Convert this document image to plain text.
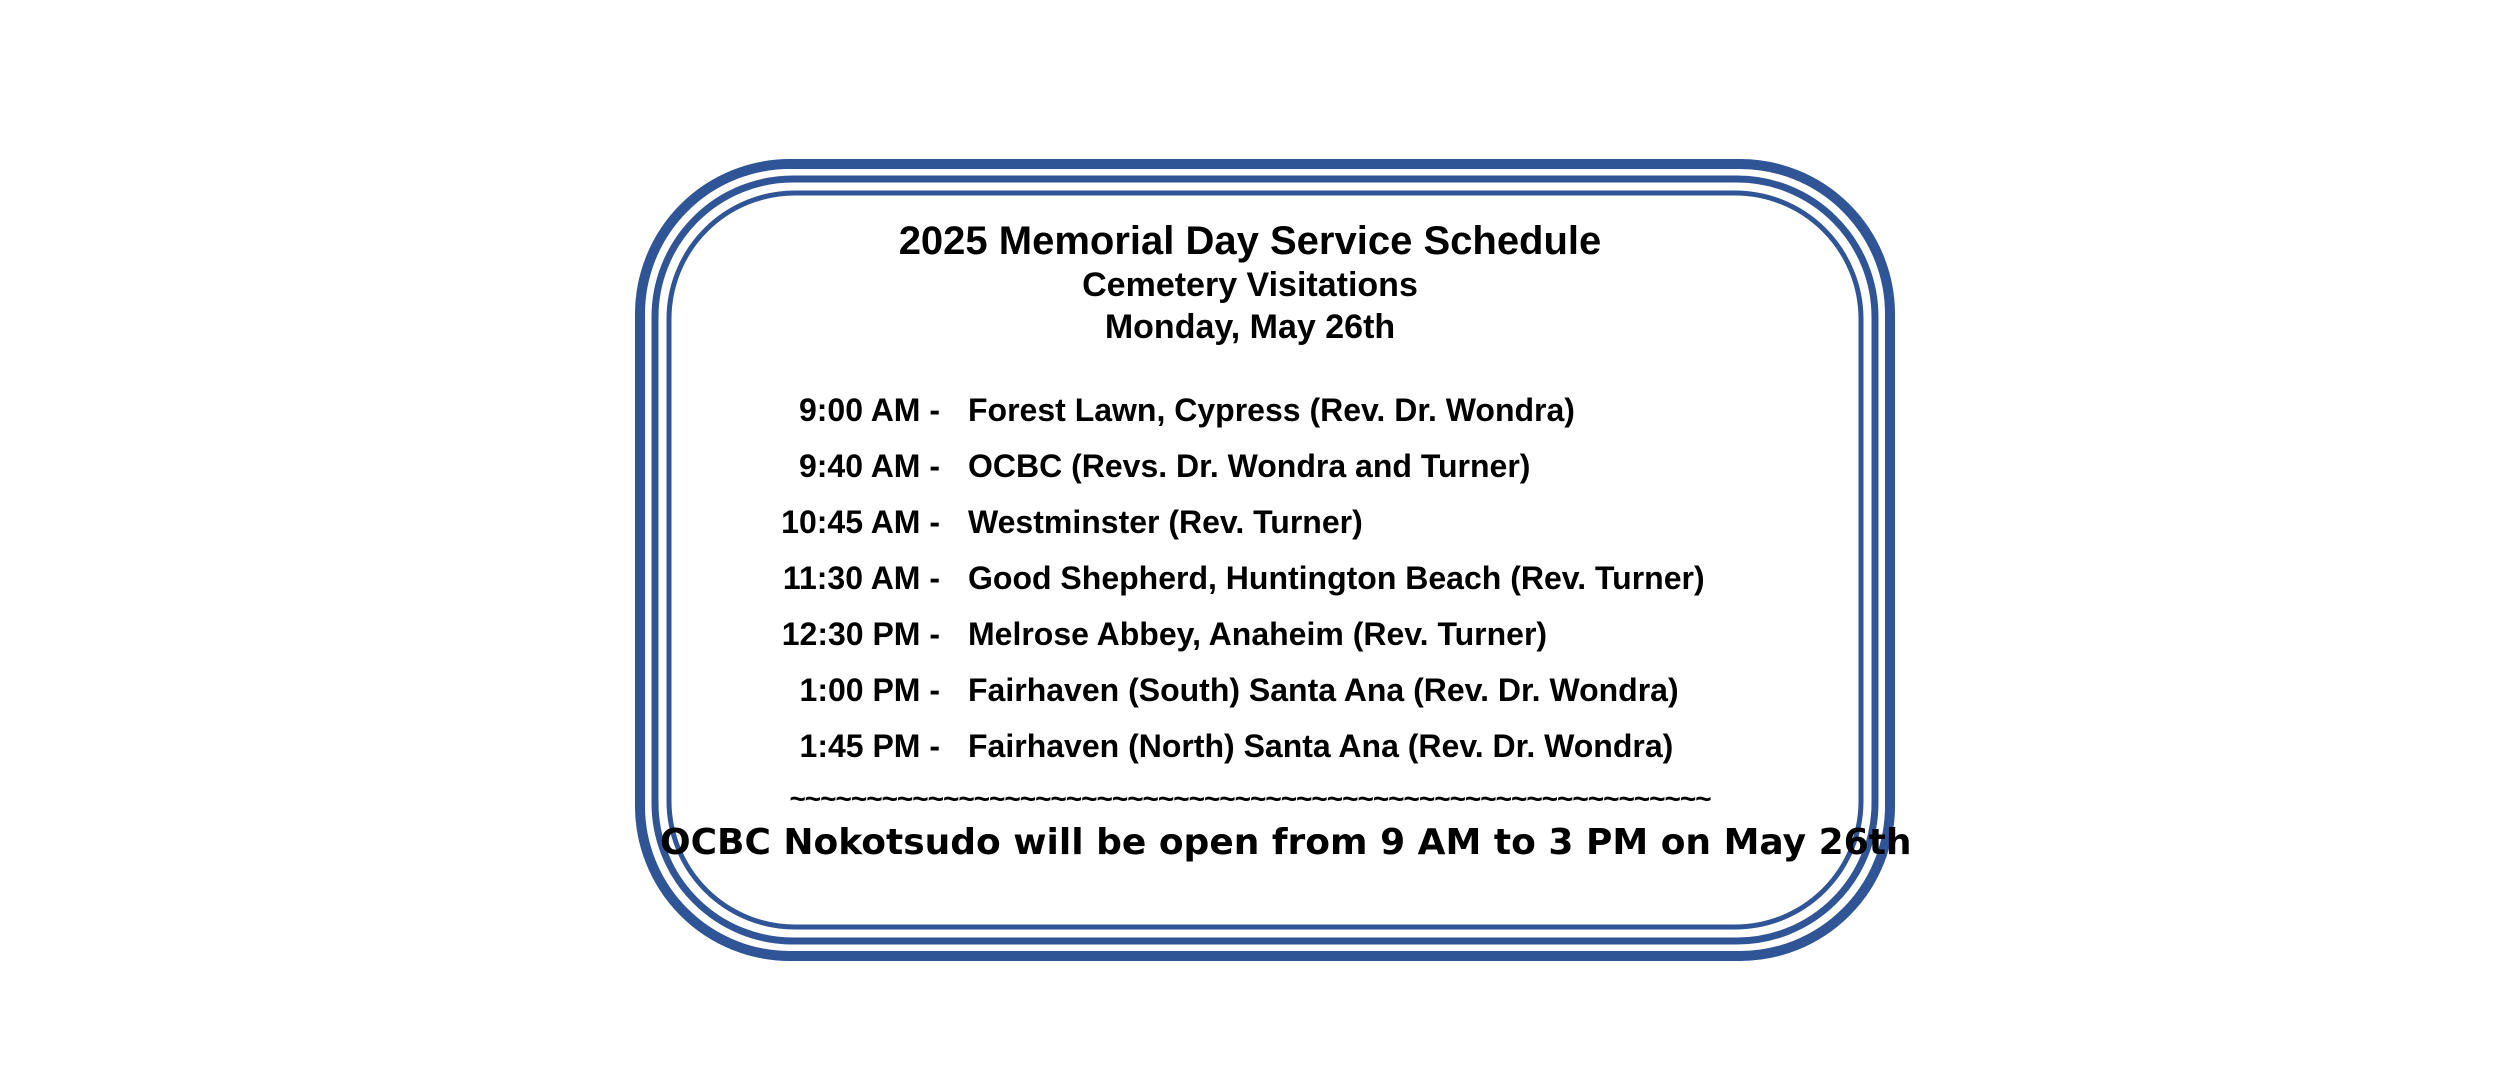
2025 Memorial Day Service Schedule
Cemetery Visitations
Monday, May 26th
9:00 AM - Forest Lawn, Cypress (Rev. Dr. Wondra)
9:40 AM - OCBC (Revs. Dr. Wondra and Turner)
10:45 AM - Westminster (Rev. Turner)
11:30 AM - Good Shepherd, Huntington Beach (Rev. Turner)
12:30 PM - Melrose Abbey, Anaheim (Rev. Turner)
1:00 PM - Fairhaven (South) Santa Ana (Rev. Dr. Wondra)
1:45 PM - Fairhaven (North) Santa Ana (Rev. Dr. Wondra)
~~~~~~~~~~~~~~~~~~~~~~~~~~~~~~~~~~~~~~~~~~~~~~~~~~~~~~~~~~~~
OCBC Nokotsudo will be open from 9 AM to 3 PM on May 26th
